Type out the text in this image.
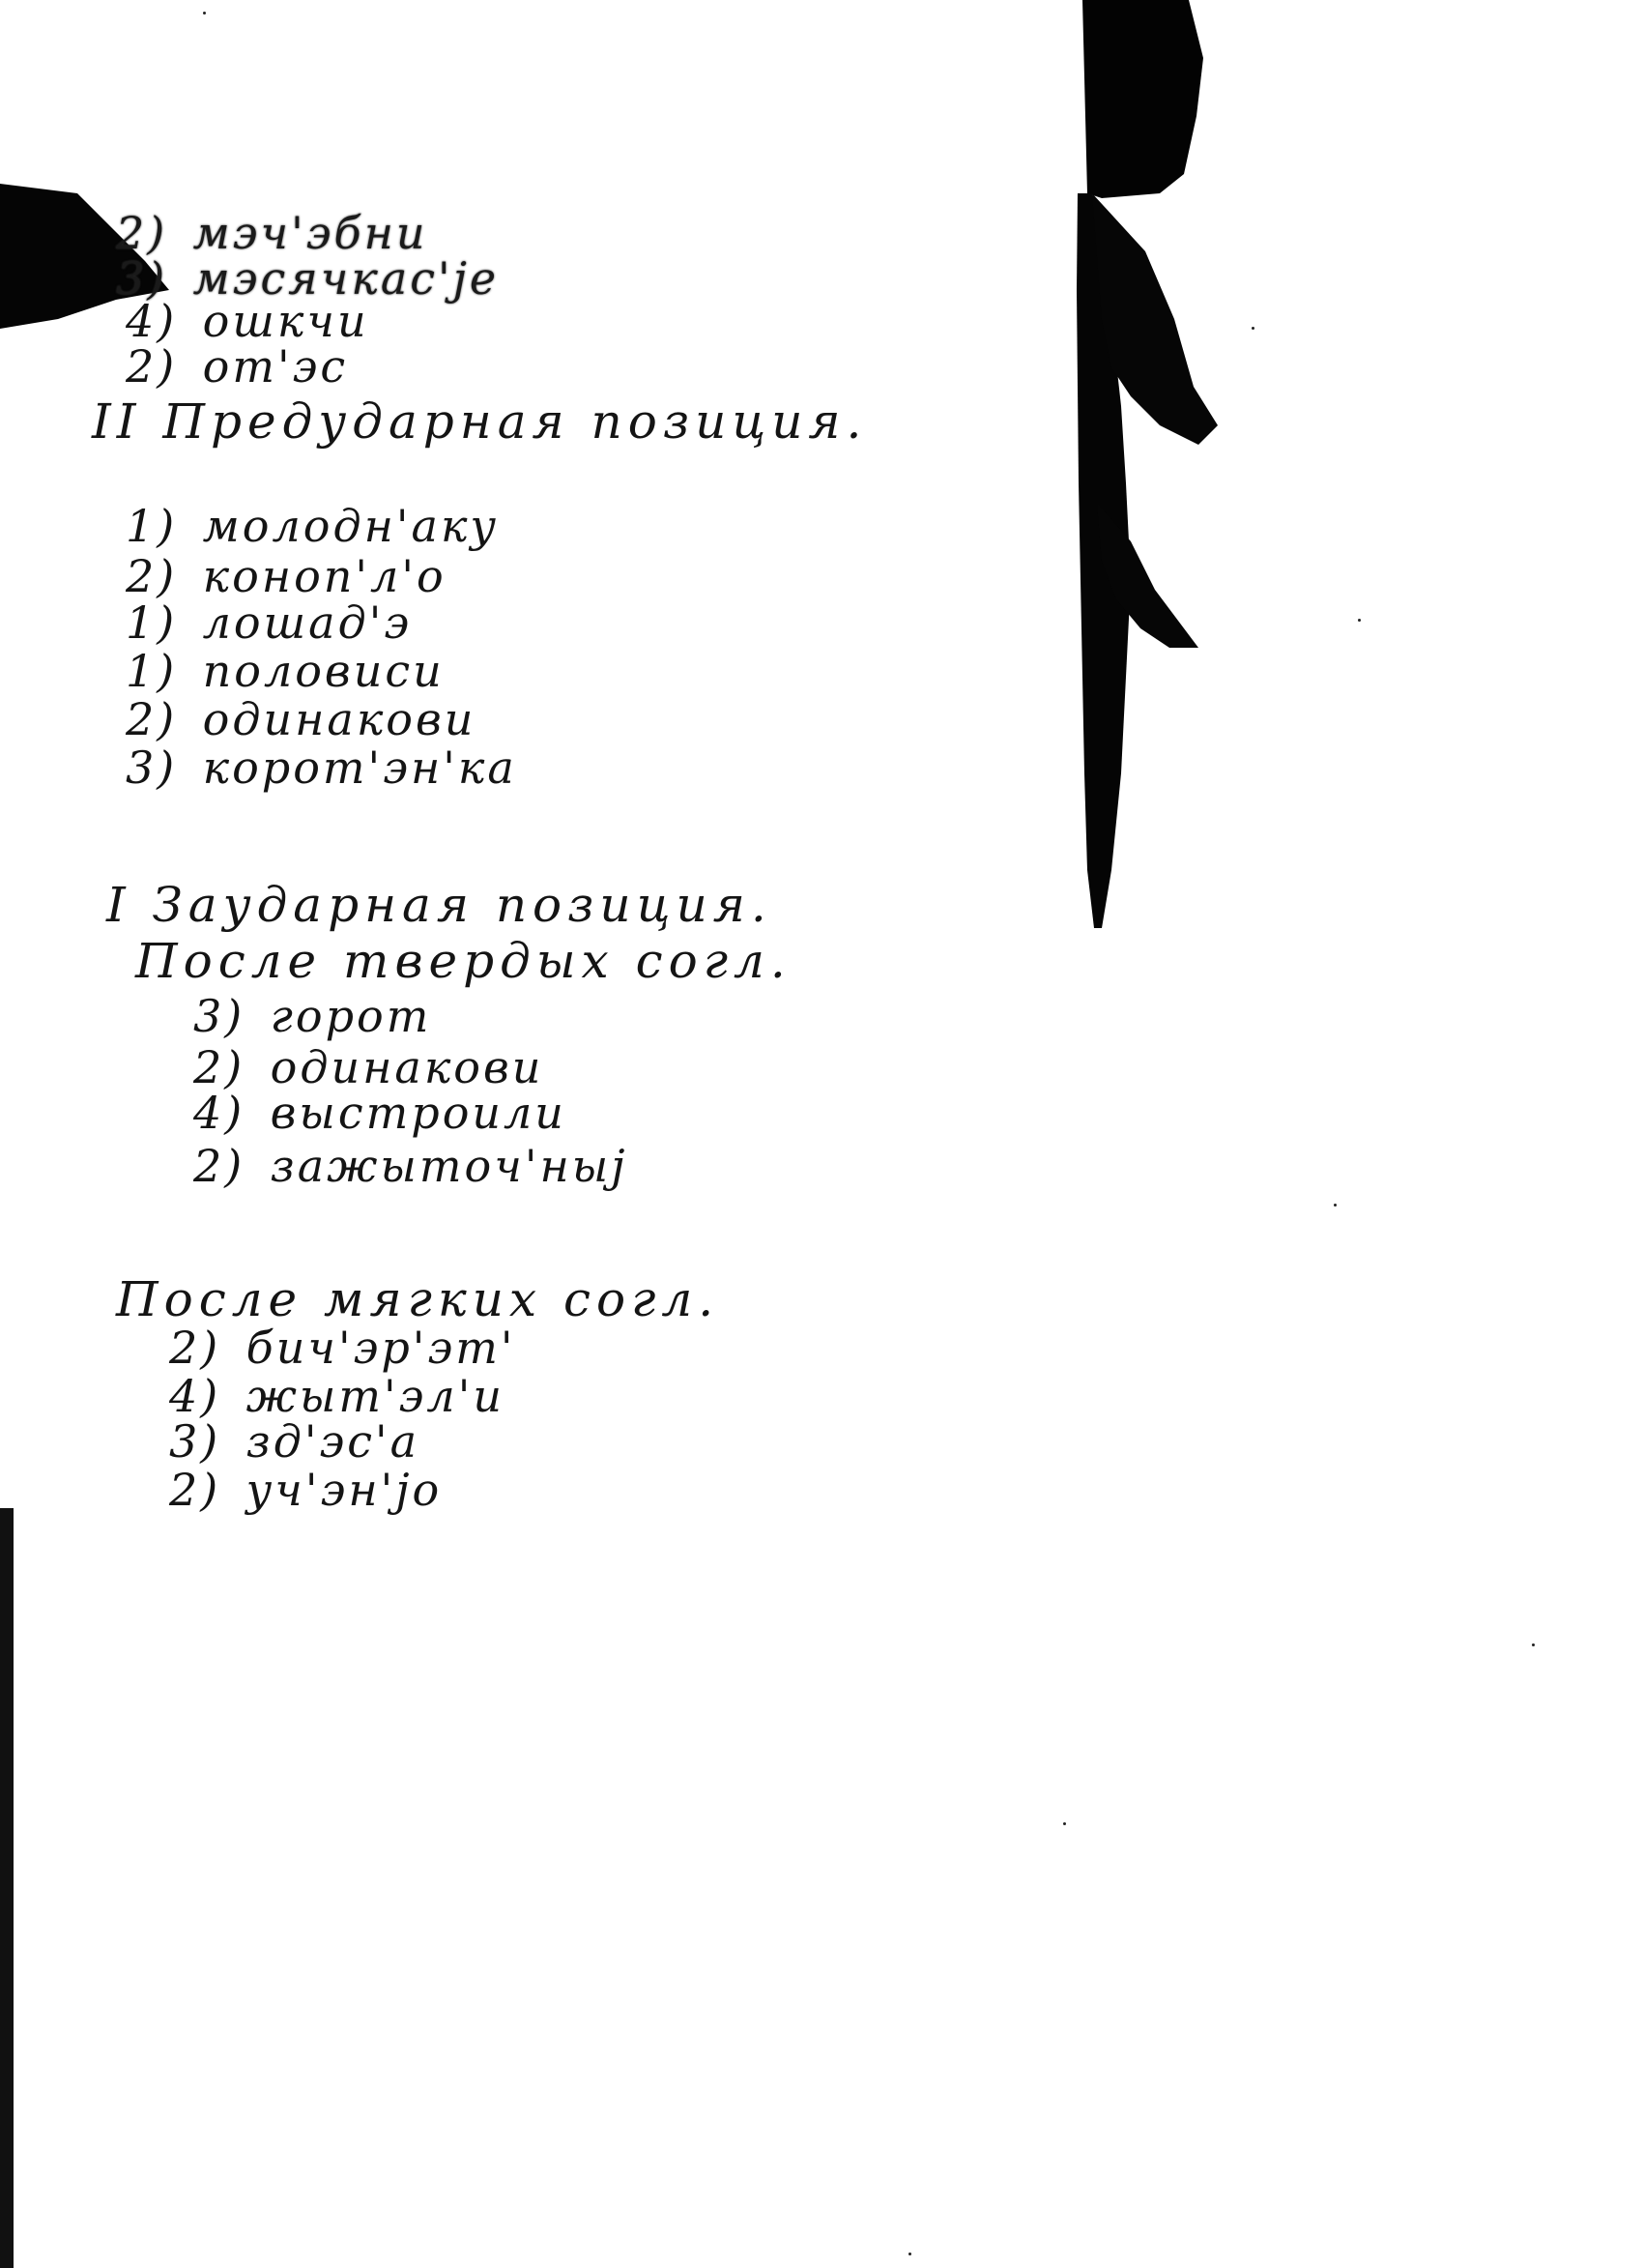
2) мэч'эбни
3) мэсячкас'jе
4) ошкчи
2) от'эс
II Предударная позиция.
1) молодн'аку
2) коноп'л'о
1) лошад'э
1) половиси
2) одинакови
3) корот'эн'ка
I Заударная позиция.
После твердых согл.
3) горот
2) одинакови
4) выстроили
2) зажыточ'ныj
После мягких согл.
2) бич'эр'эт'
4) жыт'эл'и
3) зд'эс'а
2) уч'эн'jо
